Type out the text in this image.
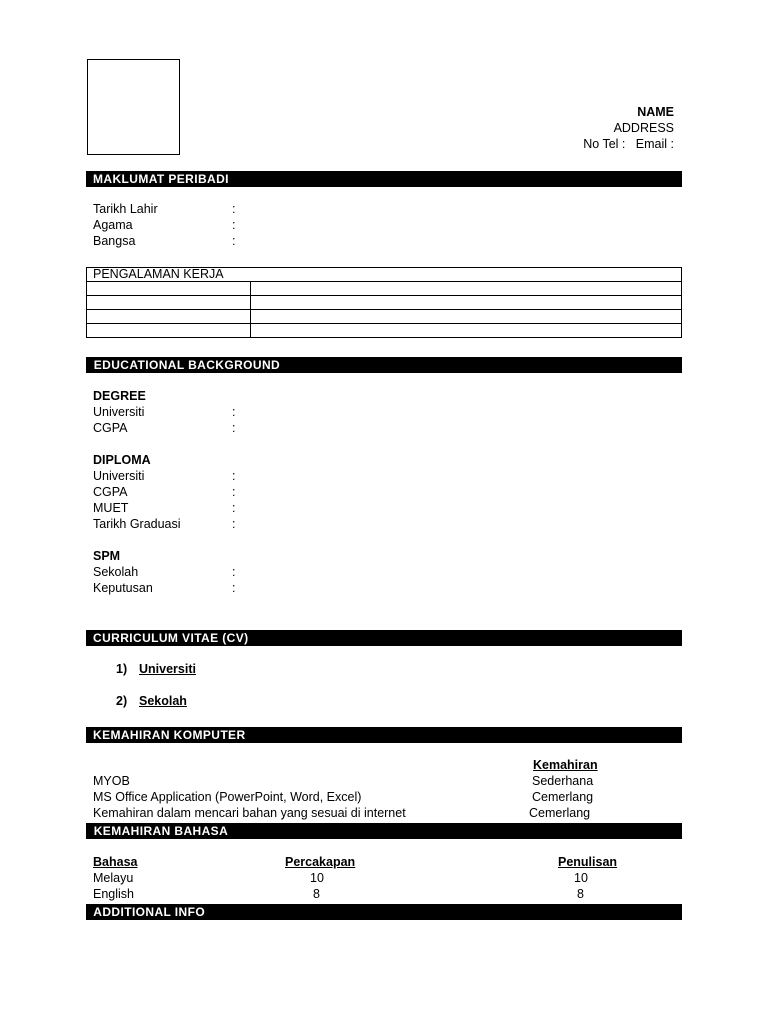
NAME
ADDRESS
No Tel :   Email :
MAKLUMAT PERIBADI
Tarikh Lahir	:
Agama	:
Bangsa	:
PENGALAMAN KERJA	

EDUCATIONAL BACKGROUND
DEGREE
Universiti	:
CGPA	:
DIPLOMA
Universiti	:
CGPA	:
MUET	:
Tarikh Graduasi	:
SPM
Sekolah	:
Keputusan	:
CURRICULUM VITAE (CV)
1) Universiti
2) Sekolah
KEMAHIRAN KOMPUTER
Kemahiran
MYOB	Sederhana
MS Office Application (PowerPoint, Word, Excel)	Cemerlang
Kemahiran dalam mencari bahan yang sesuai di internet	Cemerlang
KEMAHIRAN BAHASA
Bahasa	Percakapan	Penulisan
Melayu	10	10
English	8	8
ADDITIONAL INFO
